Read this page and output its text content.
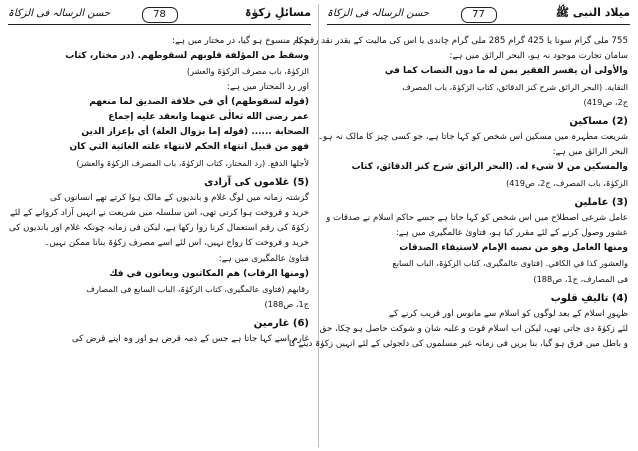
حسن الرسالہ فی الزکاۃ	78	مسائلِ زکوٰۃ
حکم منسوخ ہو گیا، در مختار میں ہے:
وسقط من المؤلفة قلوبهم لسقوطهم. (در مختار، کتاب
الزکوٰۃ، باب مصرف الزکوٰۃ والعشر)
اور رد المحتار میں ہے:
(قوله لسقوطهم) أي في خلافة الصديق لما منعهم
عمر رضی الله تعالٰی عنهما وانعقد علیه إجماع
الصحابة ...... (قوله إما بزوال العلة) أي بإعزاز الدین
فهو من قبیل انتهاء الحکم لانتهاء علته الغائیة التي کان
لأجلها الدفع. (رد المحتار، کتاب الزکوٰۃ، باب المصرف الزکوٰۃ والعشر)
(5) غلاموں کی آزادی
گزشتہ زمانہ میں لوگ غلام و باندیوں کے مالک ہوا کرتے تھے انسانوں کی
خرید و فروخت ہوا کرتی تھی، اس سلسلہ میں شریعت نے انہیں آزاد کروانے کے لئے
زکوٰۃ کی رقم استعمال کرنا روا رکھا ہے، لیکن فی زمانہ چونکہ غلام اور باندیوں کی
خرید و فروخت کا رواج نہیں، اس لئے اسے مصرف زکوٰۃ بنانا ممکن نہیں۔
فتاویٰ عالمگیری میں ہے:
(ومنها الرقاب) هم المکاتبون ویعانون في فك
رقابهم (فتاوی عالمگیری، کتاب الزکوٰۃ، الباب السابع فی المصارف
ج1، ص188)
(6) غارمین
غارم اسے کہا جاتا ہے جس کے ذمہ قرض ہو اور وہ اپنے قرض کی
حسن الرسالہ فی الزکاۃ	77	میلاد النبی ﷺ
755 ملی گرام سونا یا 425 گرام 285 ملی گرام چاندی یا اس کی مالیت کے بقدر نقد رقم یا
سامان تجارت موجود نہ ہو، البحر الرائق میں ہے:
والأولى أن یفسر الفقیر بمن له ما دون النصاب کما في
النقایة. (البحر الرائق شرح کنز الدقائق، کتاب الزکوٰۃ، باب المصرف
ج2، ص419)
(2) مساکین
شریعت مطہرہ میں مسکین اس شخص کو کہا جاتا ہے، جو کسی چیز کا مالک نہ ہو۔
البحر الرائق میں ہے:
والمسکین من لا شيء له. (البحر الرائق شرح کنز الدقائق، کتاب
الزکوٰۃ، باب المصرف، ج2، ص419)
(3) عاملین
عامل شرعی اصطلاح میں اس شخص کو کہا جاتا ہے جسے حاکم اسلام نے صدقات و
عشور وصول کرنے کے لئے مقرر کیا ہو، فتاویٰ عالمگیری میں ہے:
ومنها العامل وهو من نصبه الإمام لاستیفاء الصدقات
والعشور کذا في الکافي. (فتاوی عالمگیری، کتاب الزکوٰۃ، الباب السابع
فی المصارف، ج1، ص188)
(4) تالیفِ قلوب
ظہورِ اسلام کے بعد لوگوں کو اسلام سے مانوس اور قریب کرنے کے
لئے زکوٰۃ دی جاتی تھی، لیکن اب اسلام قوت و غلبہ شان و شوکت حاصل ہو چکا، حق
و باطل میں فرق ہو گیا، بنا بریں فی زمانہ غیر مسلموں کی دلجوئی کے لئے انہیں زکوٰۃ دینے کا
